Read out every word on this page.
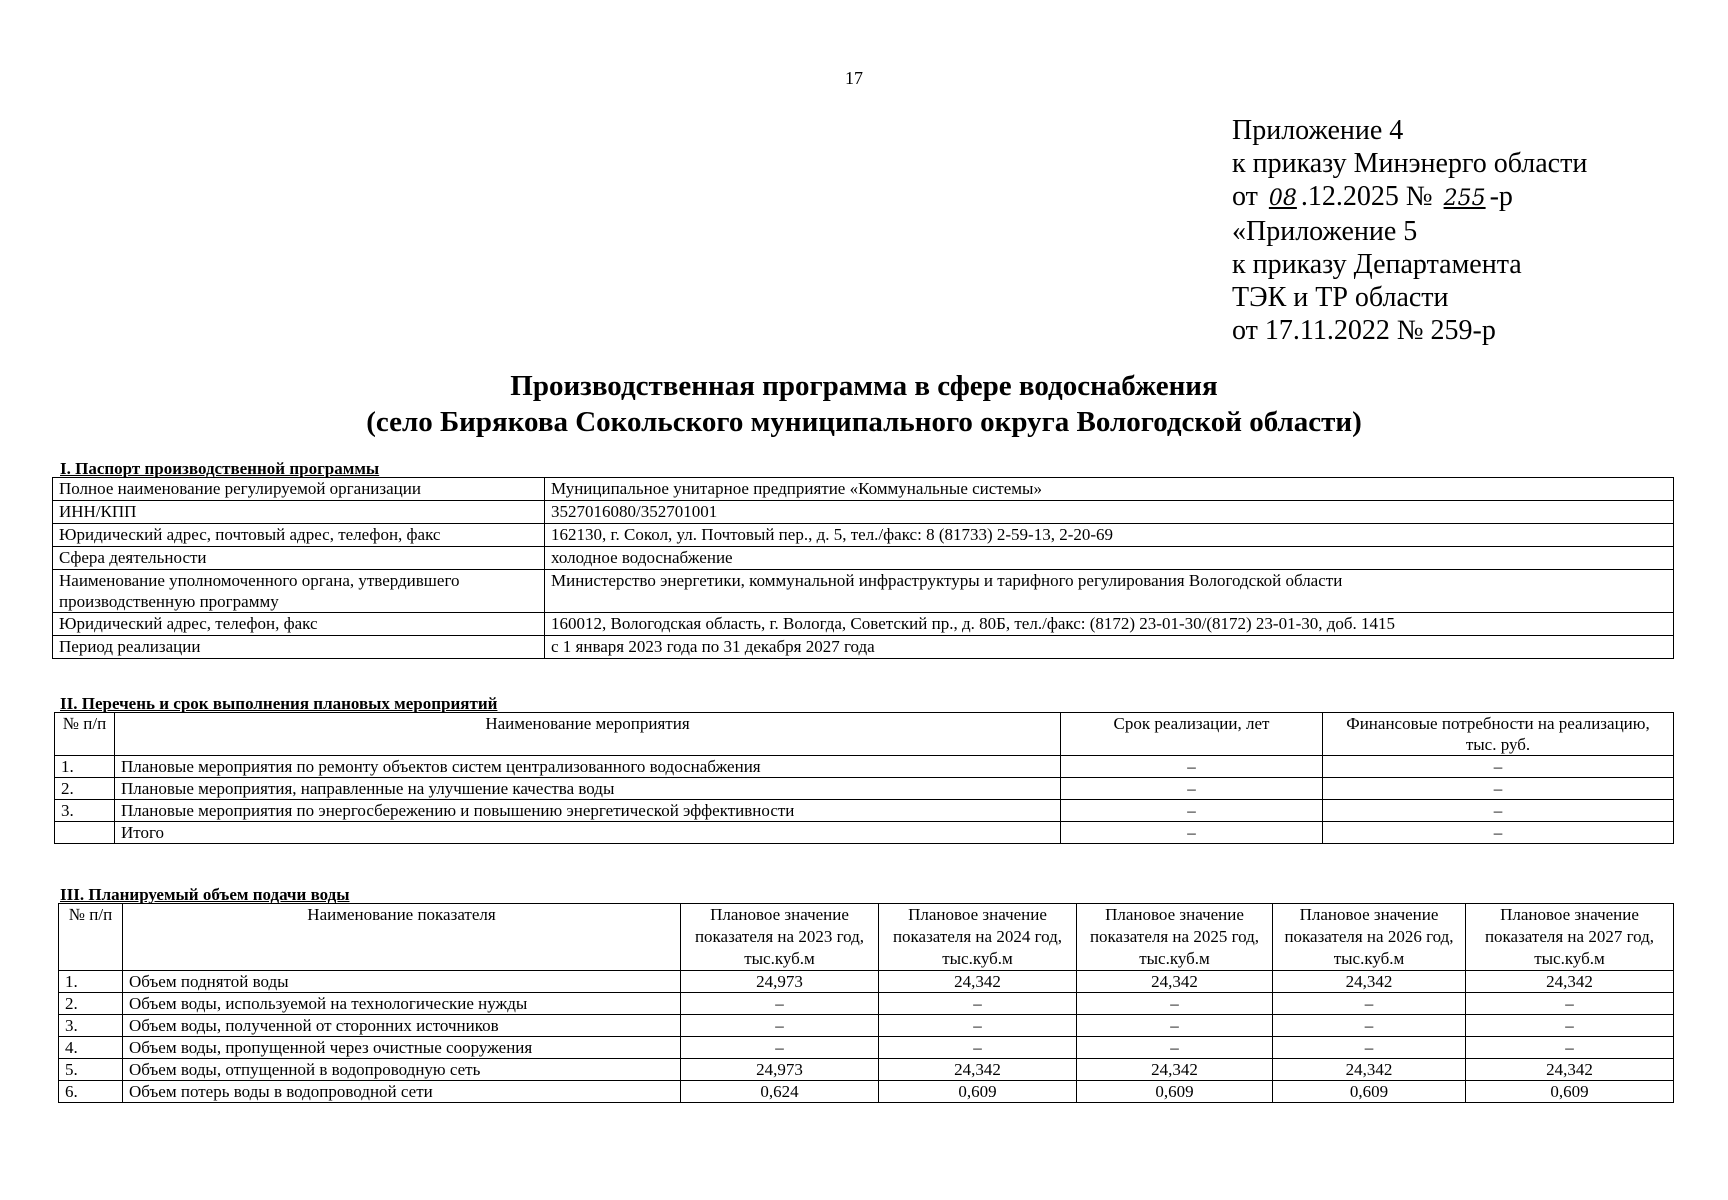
17
Приложение 4
к приказу Минэнерго области
от 08 .12.2025 № 255 -р
«Приложение 5
к приказу Департамента
ТЭК и ТР области
от 17.11.2022 № 259-р
Производственная программа в сфере водоснабжения
(село Бирякова Сокольского муниципального округа Вологодской области)
I. Паспорт производственной программы
Полное наименование регулируемой организации	Муниципальное унитарное предприятие «Коммунальные системы»
ИНН/КПП	3527016080/352701001
Юридический адрес, почтовый адрес, телефон, факс	162130, г. Сокол, ул. Почтовый пер., д. 5, тел./факс: 8 (81733) 2-59-13, 2-20-69
Сфера деятельности	холодное водоснабжение
Наименование уполномоченного органа, утвердившего производственную программу	Министерство энергетики, коммунальной инфраструктуры и тарифного регулирования Вологодской области
Юридический адрес, телефон, факс	160012, Вологодская область, г. Вологда, Советский пр., д. 80Б, тел./факс: (8172) 23-01-30/(8172) 23-01-30, доб. 1415
Период реализации	с 1 января 2023 года по 31 декабря 2027 года
II. Перечень и срок выполнения плановых мероприятий
№ п/п	Наименование мероприятия	Срок реализации, лет	Финансовые потребности на реализацию, тыс. руб.
1.	Плановые мероприятия по ремонту объектов систем централизованного водоснабжения	–	–
2.	Плановые мероприятия, направленные на улучшение качества воды	–	–
3.	Плановые мероприятия по энергосбережению и повышению энергетической эффективности	–	–
	Итого	–	–
III. Планируемый объем подачи воды
№ п/п	Наименование показателя	Плановое значение показателя на 2023 год, тыс.куб.м	Плановое значение показателя на 2024 год, тыс.куб.м	Плановое значение показателя на 2025 год, тыс.куб.м	Плановое значение показателя на 2026 год, тыс.куб.м	Плановое значение показателя на 2027 год, тыс.куб.м
1.	Объем поднятой воды	24,973	24,342	24,342	24,342	24,342
2.	Объем воды, используемой на технологические нужды	–	–	–	–	–
3.	Объем воды, полученной от сторонних источников	–	–	–	–	–
4.	Объем воды, пропущенной через очистные сооружения	–	–	–	–	–
5.	Объем воды, отпущенной в водопроводную сеть	24,973	24,342	24,342	24,342	24,342
6.	Объем потерь воды в водопроводной сети	0,624	0,609	0,609	0,609	0,609
